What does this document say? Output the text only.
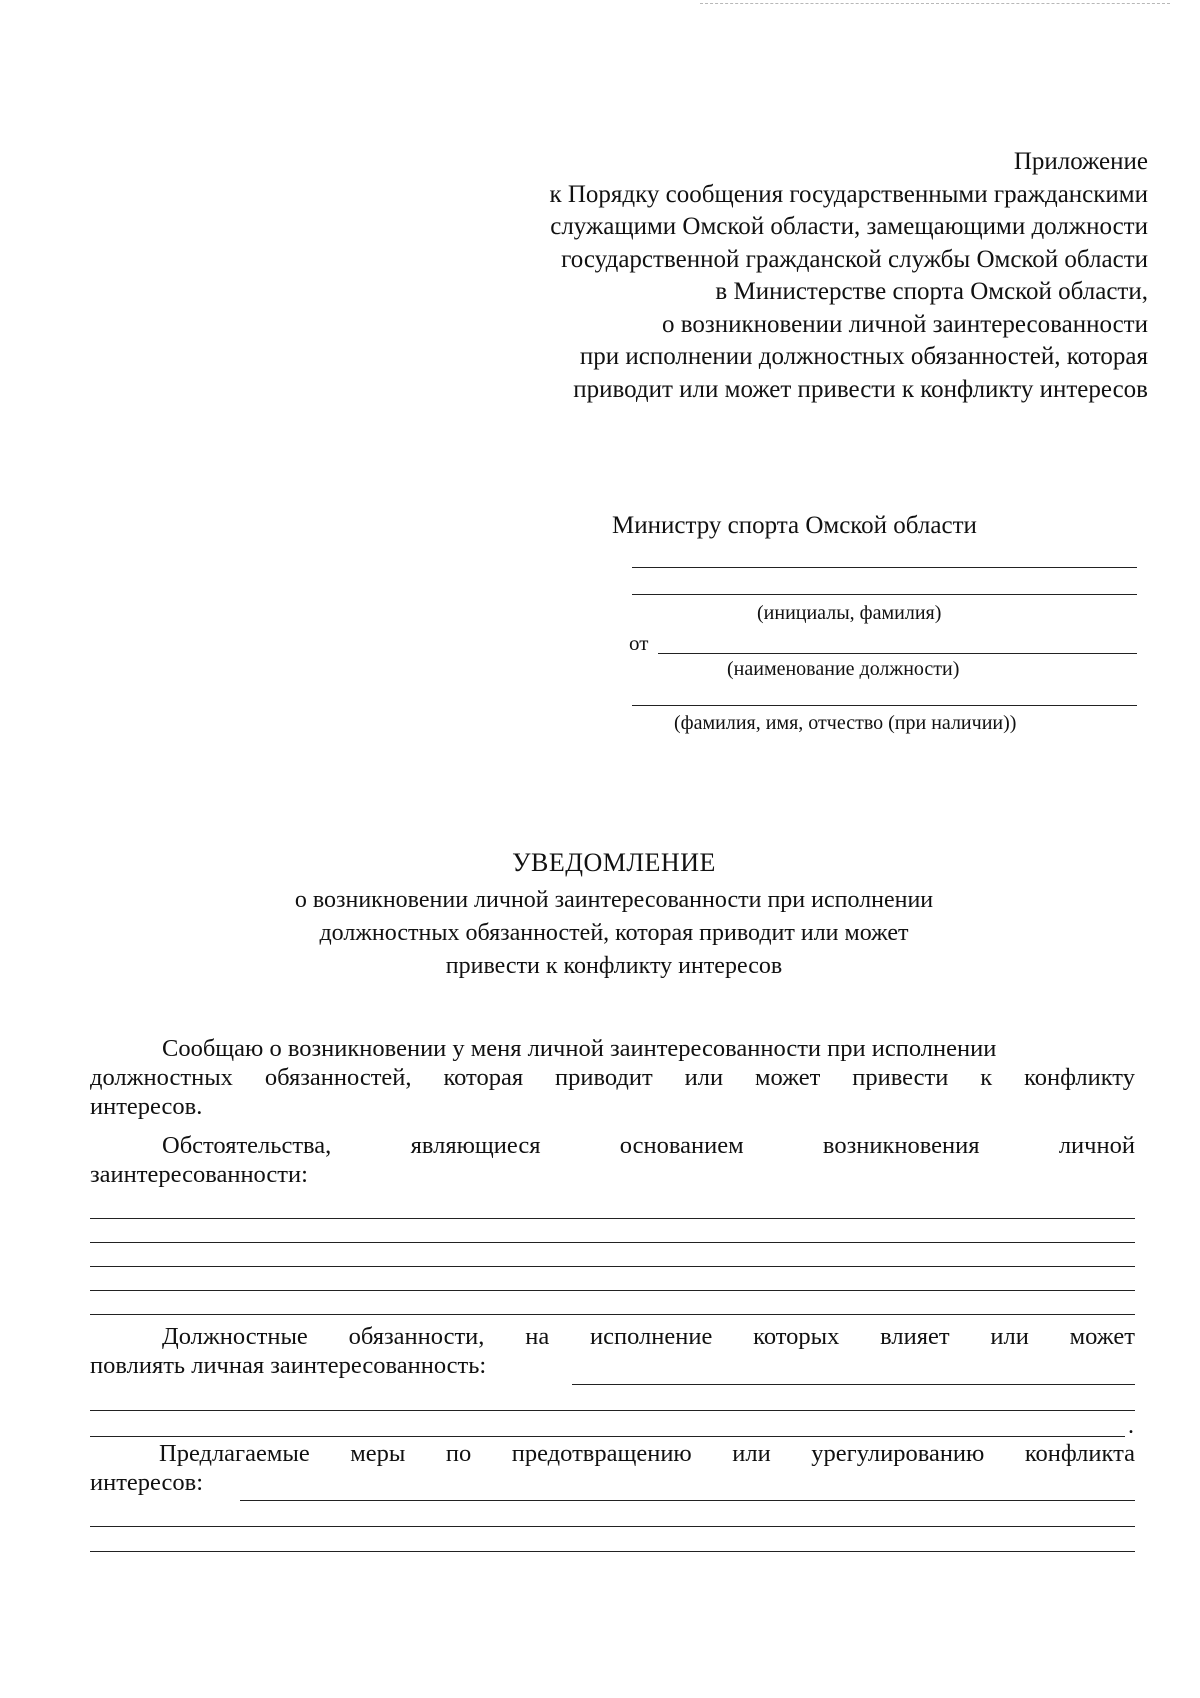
Приложение
к Порядку сообщения государственными гражданскими
служащими Омской области, замещающими должности
государственной гражданской службы Омской области
в Министерстве спорта Омской области,
о возникновении личной заинтересованности
при исполнении должностных обязанностей, которая
приводит или может привести к конфликту интересов
Министру спорта Омской области
(инициалы, фамилия)
от
(наименование должности)
(фамилия, имя, отчество (при наличии))
УВЕДОМЛЕНИЕ
о возникновении личной заинтересованности при исполнении
должностных обязанностей, которая приводит или может
привести к конфликту интересов
Сообщаю о возникновении у меня личной заинтересованности при исполнении
должностных обязанностей, которая приводит или может привести к конфликту
интересов.
Обстоятельства,	являющиеся	основанием	возникновения	личной
заинтересованности:
Должностные обязанности, на исполнение которых влияет или может
повлиять личная заинтересованность:
.
Предлагаемые меры по предотвращению или урегулированию конфликта
интересов:
